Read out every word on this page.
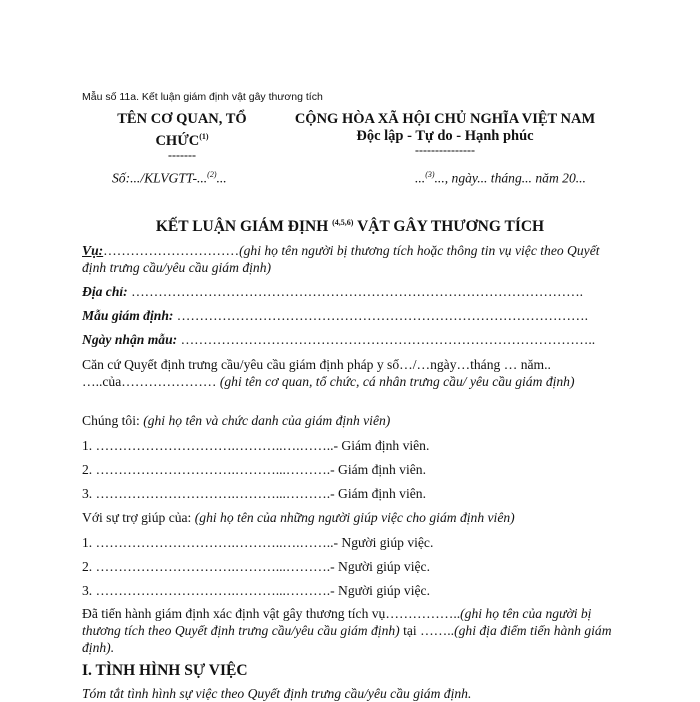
Mẫu số 11a. Kết luận giám định vật gây thương tích
TÊN CƠ QUAN, TỔ CHỨC$^{(1)}$
-------
CỘNG HÒA XÃ HỘI CHỦ NGHĨA VIỆT NAM
Độc lập - Tự do - Hạnh phúc
---------------
Số:.../KLVGTT-...$^{(2)}$...	...$^{(3)}$..., ngày... tháng... năm 20...
KẾT LUẬN GIÁM ĐỊNH $^{(4,5,6)}$ VẬT GÂY THƯƠNG TÍCH
Vụ:…………………………(ghi họ tên người bị thương tích hoặc thông tin vụ việc theo Quyết định trưng cầu/yêu cầu giám định)
Địa chỉ: ……………………………………………………………………………………….
Mẫu giám định: ……………………………………………………………………………….
Ngày nhận mẫu: ………………………………………………………………………………..
Căn cứ Quyết định trưng cầu/yêu cầu giám định pháp y số…/…ngày…tháng … năm.. …..của………………… (ghi tên cơ quan, tổ chức, cá nhân trưng cầu/ yêu cầu giám định)
Chúng tôi: (ghi họ tên và chức danh của giám định viên)
1. ………………………….………..….……..- Giám định viên.
2. ………………………….………...……….- Giám định viên.
3. ………………………….………...……….- Giám định viên.
Với sự trợ giúp của: (ghi họ tên của những người giúp việc cho giám định viên)
1. ………………………….………..….……..- Người giúp việc.
2. ………………………….………...……….- Người giúp việc.
3. ………………………….………...……….- Người giúp việc.
Đã tiến hành giám định xác định vật gây thương tích vụ……………..(ghi họ tên của người bị thương tích theo Quyết định trưng cầu/yêu cầu giám định) tại ……..(ghi địa điểm tiến hành giám định).
I. TÌNH HÌNH SỰ VIỆC
Tóm tắt tình hình sự việc theo Quyết định trưng cầu/yêu cầu giám định.
